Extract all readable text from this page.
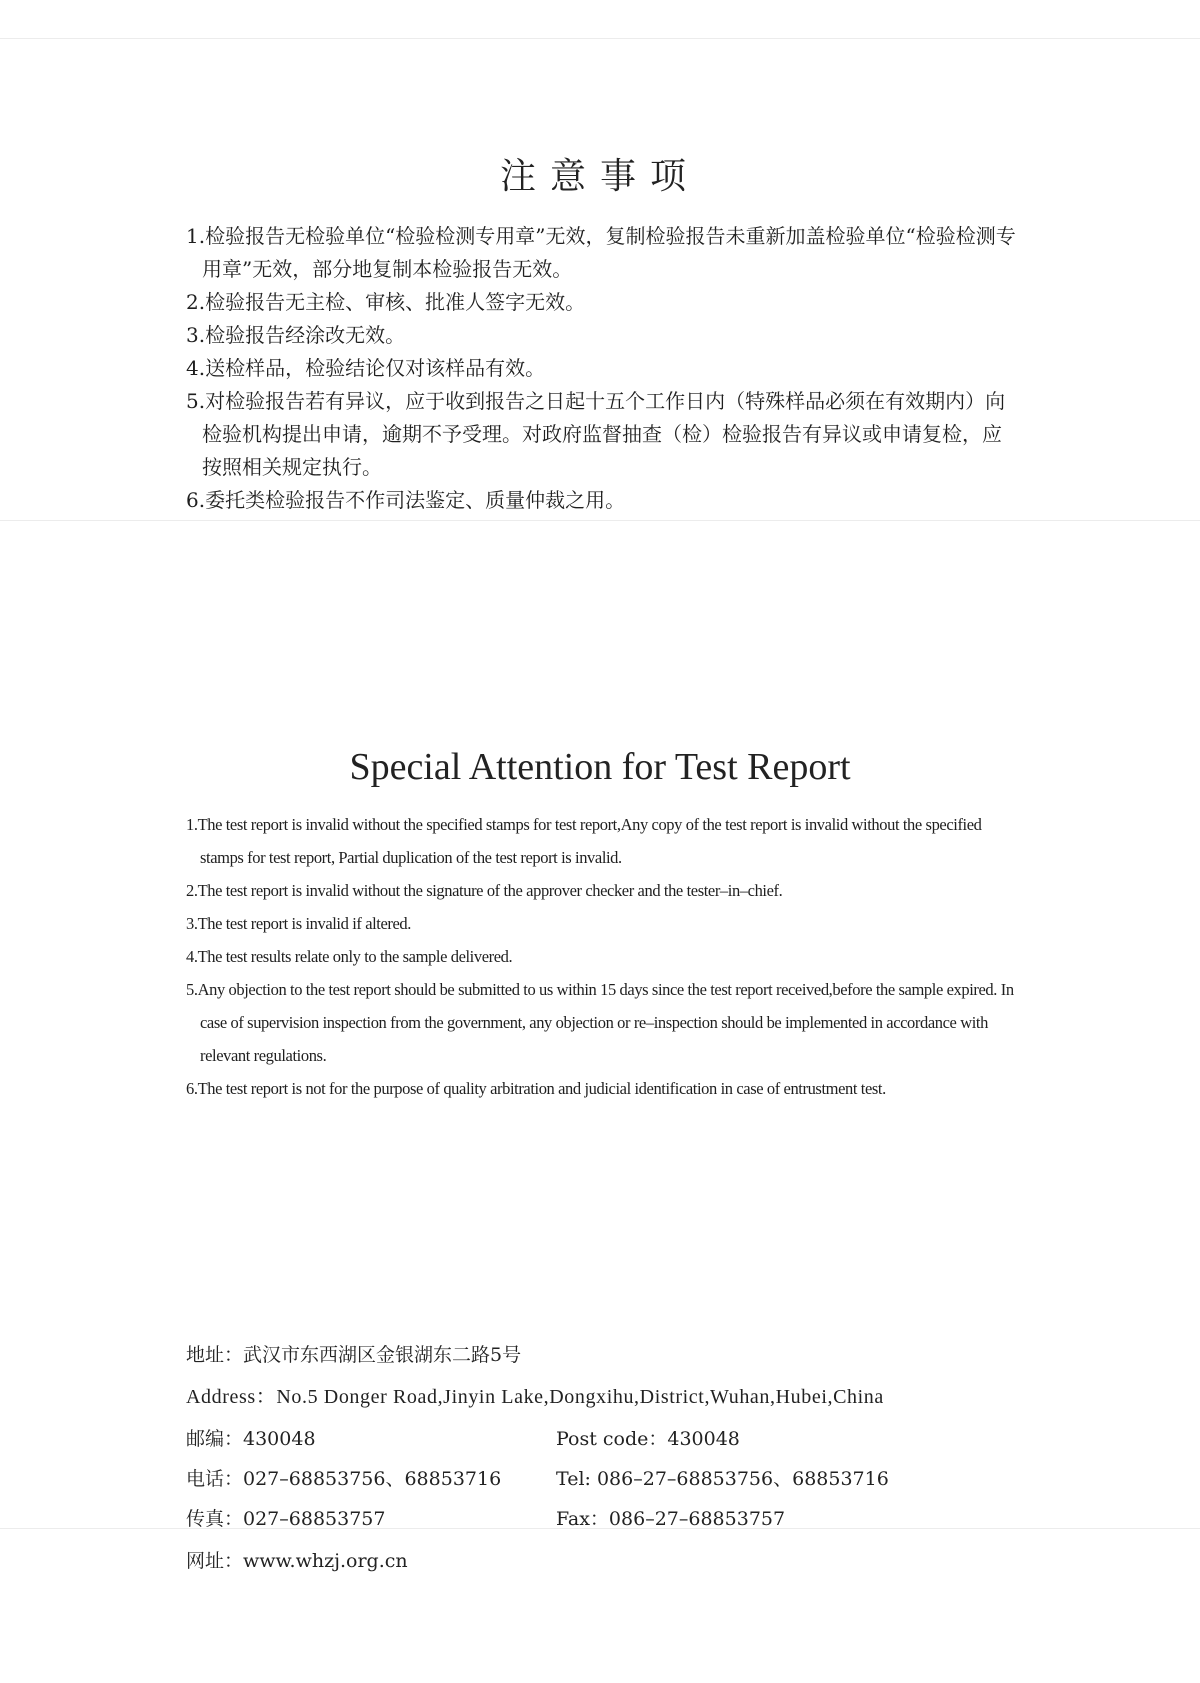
注意事项

1.检验报告无检验单位“检验检测专用章”无效，复制检验报告未重新加盖检验单位“检验检测专用章”无效，部分地复制本检验报告无效。

2.检验报告无主检、审核、批准人签字无效。

3.检验报告经涂改无效。

4.送检样品，检验结论仅对该样品有效。

5.对检验报告若有异议，应于收到报告之日起十五个工作日内（特殊样品必须在有效期内）向检验机构提出申请，逾期不予受理。对政府监督抽查（检）检验报告有异议或申请复检，应按照相关规定执行。

6.委托类检验报告不作司法鉴定、质量仲裁之用。

Special Attention for Test Report

1.The test report is invalid without the specified stamps for test report,Any copy of the test report is invalid without the specified stamps for test report, Partial duplication of the test report is invalid.

2.The test report is invalid without the signature of the approver checker and the tester–in–chief.

3.The test report is invalid if altered.

4.The test results relate only to the sample delivered.

5.Any objection to the test report should be submitted to us within 15 days since the test report received,before the sample expired. In case of supervision inspection from the government, any objection or re–inspection should be implemented in accordance with relevant regulations.

6.The test report is not for the purpose of quality arbitration and judicial identification in case of entrustment test.

地址：武汉市东西湖区金银湖东二路5号
Address：No.5 Donger Road,Jinyin Lake,Dongxihu,District,Wuhan,Hubei,China
邮编：430048	Post code：430048
电话：027–68853756、68853716	Tel: 086–27–68853756、68853716
传真：027–68853757	Fax：086–27–68853757
网址：www.whzj.org.cn
